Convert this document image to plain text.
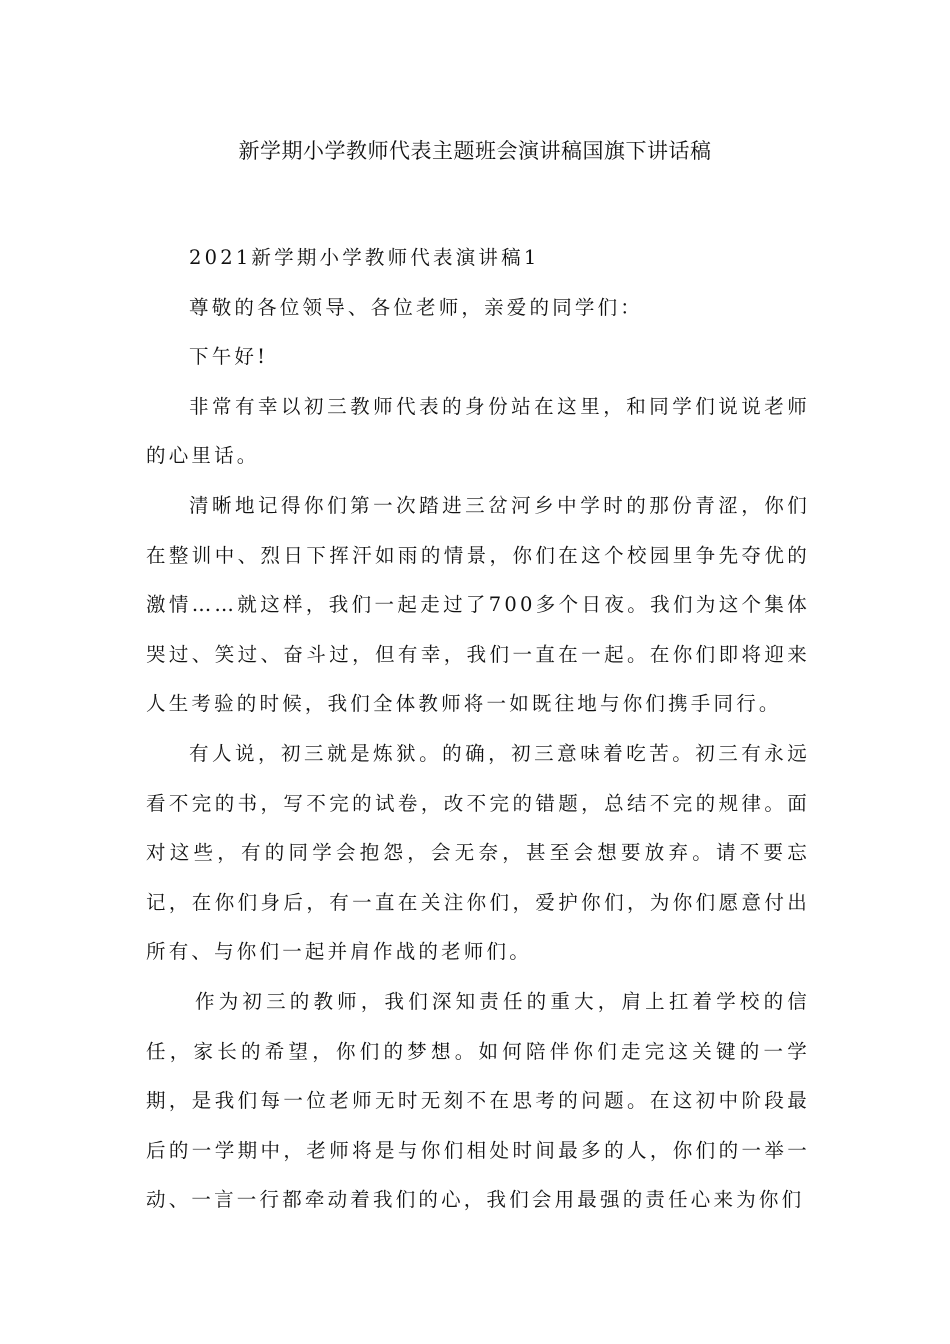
新学期小学教师代表主题班会演讲稿国旗下讲话稿

2021新学期小学教师代表演讲稿1

尊敬的各位领导、各位老师，亲爱的同学们：

下午好!

非常有幸以初三教师代表的身份站在这里，和同学们说说老师的心里话。

清晰地记得你们第一次踏进三岔河乡中学时的那份青涩，你们在整训中、烈日下挥汗如雨的情景，你们在这个校园里争先夺优的激情……就这样，我们一起走过了700多个日夜。我们为这个集体哭过、笑过、奋斗过，但有幸，我们一直在一起。在你们即将迎来人生考验的时候，我们全体教师将一如既往地与你们携手同行。

有人说，初三就是炼狱。的确，初三意味着吃苦。初三有永远看不完的书，写不完的试卷，改不完的错题，总结不完的规律。面对这些，有的同学会抱怨，会无奈，甚至会想要放弃。请不要忘记，在你们身后，有一直在关注你们，爱护你们，为你们愿意付出所有、与你们一起并肩作战的老师们。

作为初三的教师，我们深知责任的重大，肩上扛着学校的信任，家长的希望，你们的梦想。如何陪伴你们走完这关键的一学期，是我们每一位老师无时无刻不在思考的问题。在这初中阶段最后的一学期中，老师将是与你们相处时间最多的人，你们的一举一动、一言一行都牵动着我们的心，我们会用最强的责任心来为你们
